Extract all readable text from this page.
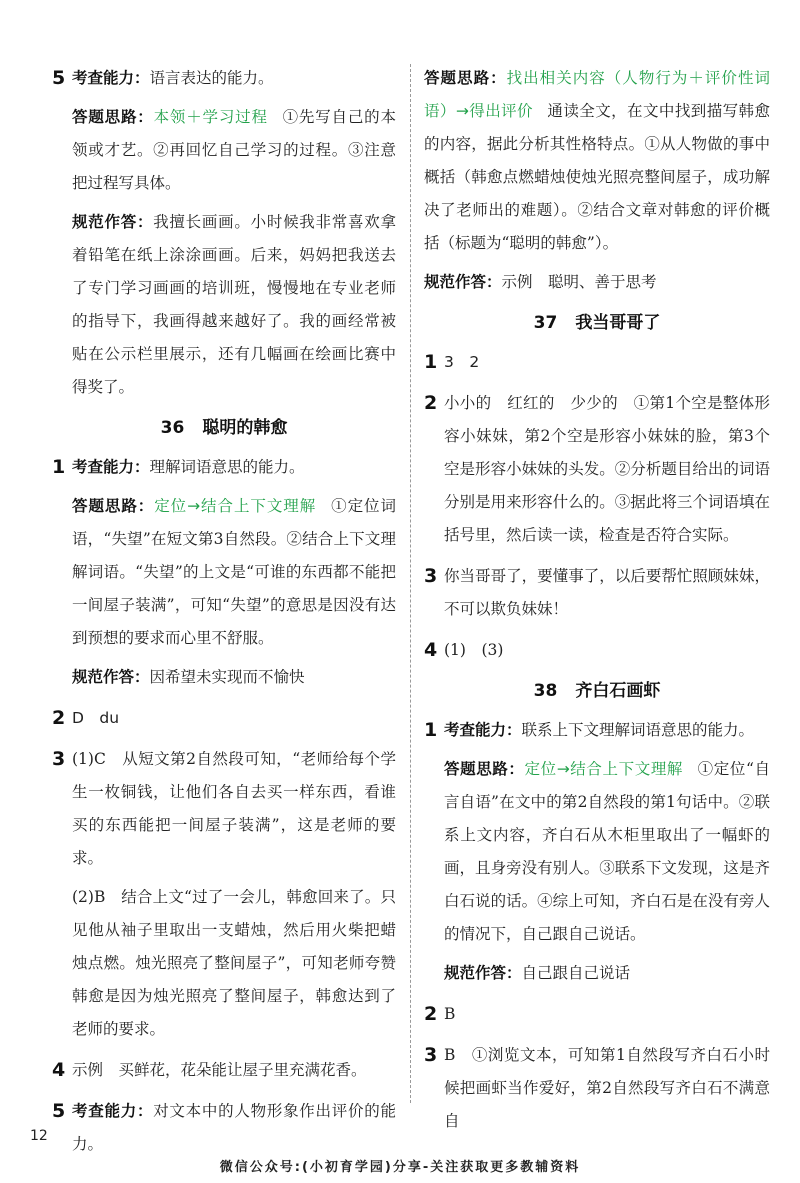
5 考查能力：语言表达的能力。
答题思路：本领＋学习过程 ①先写自己的本领或才艺。②再回忆自己学习的过程。③注意把过程写具体。
规范作答：我擅长画画。小时候我非常喜欢拿着铅笔在纸上涂涂画画。后来，妈妈把我送去了专门学习画画的培训班，慢慢地在专业老师的指导下，我画得越来越好了。我的画经常被贴在公示栏里展示，还有几幅画在绘画比赛中得奖了。
36 聪明的韩愈
1 考查能力：理解词语意思的能力。
答题思路：定位→结合上下文理解 ①定位词语，“失望”在短文第3自然段。②结合上下文理解词语。“失望”的上文是“可谁的东西都不能把一间屋子装满”，可知“失望”的意思是因没有达到预想的要求而心里不舒服。
规范作答：因希望未实现而不愉快
2 D　du
3 (1)C　从短文第2自然段可知，“老师给每个学生一枚铜钱，让他们各自去买一样东西，看谁买的东西能把一间屋子装满”，这是老师的要求。
(2)B　结合上文“过了一会儿，韩愈回来了。只见他从袖子里取出一支蜡烛，然后用火柴把蜡烛点燃。烛光照亮了整间屋子”，可知老师夸赞韩愈是因为烛光照亮了整间屋子，韩愈达到了老师的要求。
4 示例　买鲜花，花朵能让屋子里充满花香。
5 考查能力：对文本中的人物形象作出评价的能力。
答题思路：找出相关内容（人物行为＋评价性词语）→得出评价 通读全文，在文中找到描写韩愈的内容，据此分析其性格特点。①从人物做的事中概括（韩愈点燃蜡烛使烛光照亮整间屋子，成功解决了老师出的难题）。②结合文章对韩愈的评价概括（标题为“聪明的韩愈”）。
规范作答：示例　聪明、善于思考
37 我当哥哥了
1 3　2
2 小小的　红红的　少少的　①第1个空是整体形容小妹妹，第2个空是形容小妹妹的脸，第3个空是形容小妹妹的头发。②分析题目给出的词语分别是用来形容什么的。③据此将三个词语填在括号里，然后读一读，检查是否符合实际。
3 你当哥哥了，要懂事了，以后要帮忙照顾妹妹，不可以欺负妹妹！
4 (1)　(3)
38 齐白石画虾
1 考查能力：联系上下文理解词语意思的能力。
答题思路：定位→结合上下文理解 ①定位“自言自语”在文中的第2自然段的第1句话中。②联系上文内容，齐白石从木柜里取出了一幅虾的画，且身旁没有别人。③联系下文发现，这是齐白石说的话。④综上可知，齐白石是在没有旁人的情况下，自己跟自己说话。
规范作答：自己跟自己说话
2 B
3 B　①浏览文本，可知第1自然段写齐白石小时候把画虾当作爱好，第2自然段写齐白石不满意自
12
微信公众号:(小初育学园)分享-关注获取更多教辅资料
